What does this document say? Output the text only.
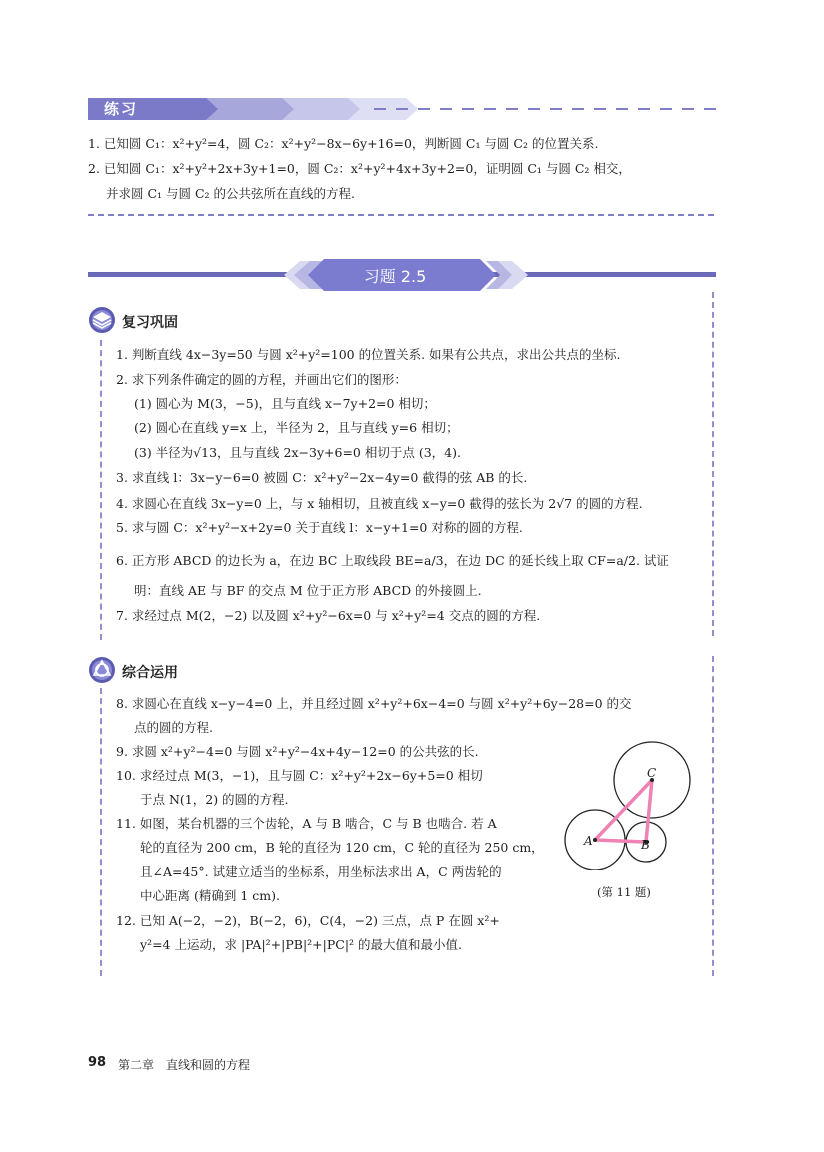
练习
1. 已知圆 C₁：x²+y²=4，圆 C₂：x²+y²−8x−6y+16=0，判断圆 C₁ 与圆 C₂ 的位置关系.
2. 已知圆 C₁：x²+y²+2x+3y+1=0，圆 C₂：x²+y²+4x+3y+2=0，证明圆 C₁ 与圆 C₂ 相交，
并求圆 C₁ 与圆 C₂ 的公共弦所在直线的方程.
习题 2.5
复习巩固
1. 判断直线 4x−3y=50 与圆 x²+y²=100 的位置关系. 如果有公共点，求出公共点的坐标.
2. 求下列条件确定的圆的方程，并画出它们的图形：
(1) 圆心为 M(3，−5)，且与直线 x−7y+2=0 相切；
(2) 圆心在直线 y=x 上，半径为 2，且与直线 y=6 相切；
(3) 半径为√13，且与直线 2x−3y+6=0 相切于点 (3，4).
3. 求直线 l：3x−y−6=0 被圆 C：x²+y²−2x−4y=0 截得的弦 AB 的长.
4. 求圆心在直线 3x−y=0 上，与 x 轴相切，且被直线 x−y=0 截得的弦长为 2√7 的圆的方程.
5. 求与圆 C：x²+y²−x+2y=0 关于直线 l：x−y+1=0 对称的圆的方程.
6. 正方形 ABCD 的边长为 a，在边 BC 上取线段 BE=a/3，在边 DC 的延长线上取 CF=a/2. 试证
明：直线 AE 与 BF 的交点 M 位于正方形 ABCD 的外接圆上.
7. 求经过点 M(2，−2) 以及圆 x²+y²−6x=0 与 x²+y²=4 交点的圆的方程.
综合运用
8. 求圆心在直线 x−y−4=0 上，并且经过圆 x²+y²+6x−4=0 与圆 x²+y²+6y−28=0 的交
点的圆的方程.
9. 求圆 x²+y²−4=0 与圆 x²+y²−4x+4y−12=0 的公共弦的长.
10. 求经过点 M(3，−1)，且与圆 C：x²+y²+2x−6y+5=0 相切
于点 N(1，2) 的圆的方程.
11. 如图，某台机器的三个齿轮，A 与 B 啮合，C 与 B 也啮合. 若 A
轮的直径为 200 cm，B 轮的直径为 120 cm，C 轮的直径为 250 cm，
且∠A=45°. 试建立适当的坐标系，用坐标法求出 A，C 两齿轮的
中心距离 (精确到 1 cm).
12. 已知 A(−2，−2)，B(−2，6)，C(4，−2) 三点，点 P 在圆 x²+
y²=4 上运动，求 |PA|²+|PB|²+|PC|² 的最大值和最小值.
C
A	B
(第 11 题)
98 第二章　直线和圆的方程
